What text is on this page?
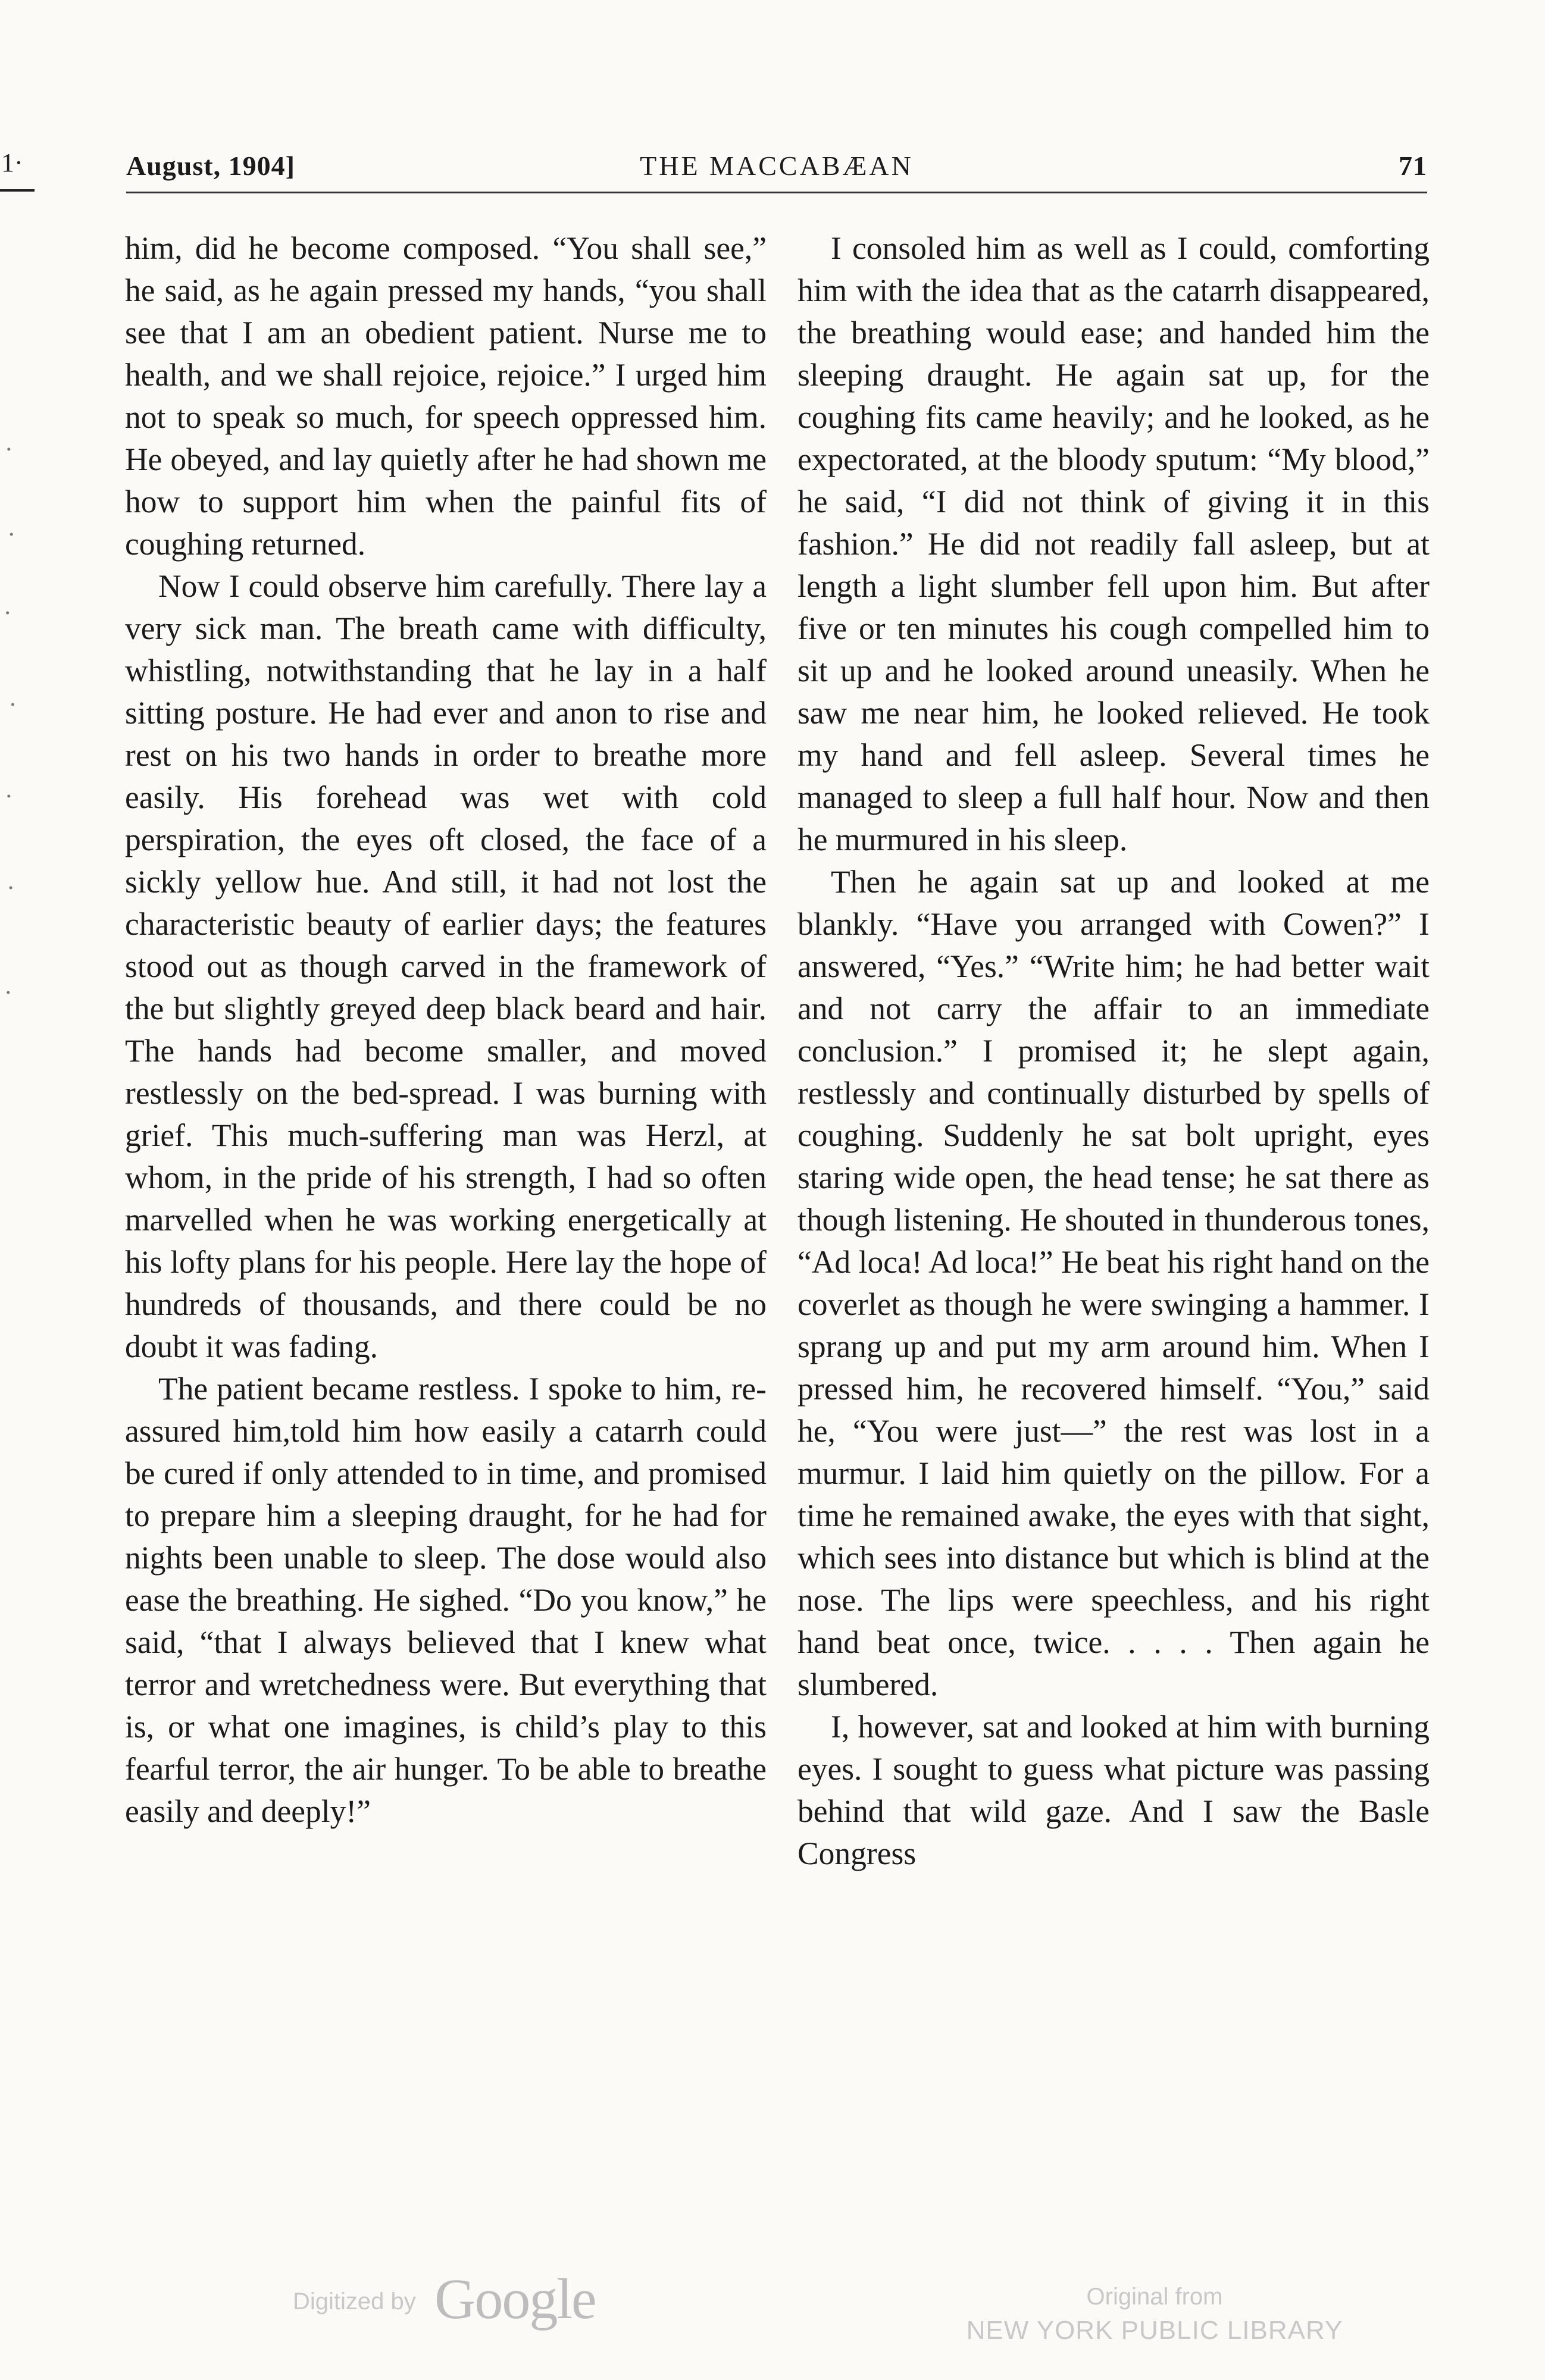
1·	August, 1904]	THE MACCABÆAN	71

him, did he become composed. “You shall see,” he said, as he again pressed my hands, “you shall see that I am an obedient patient. Nurse me to health, and we shall rejoice, rejoice.” I urged him not to speak so much, for speech oppressed him. He obeyed, and lay quietly after he had shown me how to support him when the painful fits of coughing returned.

Now I could observe him carefully. There lay a very sick man. The breath came with difficulty, whistling, notwithstanding that he lay in a half sitting posture. He had ever and anon to rise and rest on his two hands in order to breathe more easily. His forehead was wet with cold perspiration, the eyes oft closed, the face of a sickly yellow hue. And still, it had not lost the characteristic beauty of earlier days; the features stood out as though carved in the framework of the but slightly greyed deep black beard and hair. The hands had become smaller, and moved restlessly on the bed-spread. I was burning with grief. This much-suffering man was Herzl, at whom, in the pride of his strength, I had so often marvelled when he was working energetically at his lofty plans for his people. Here lay the hope of hundreds of thousands, and there could be no doubt it was fading.

The patient became restless. I spoke to him, re-assured him,told him how easily a catarrh could be cured if only attended to in time, and promised to prepare him a sleeping draught, for he had for nights been unable to sleep. The dose would also ease the breathing. He sighed. “Do you know,” he said, “that I always believed that I knew what terror and wretchedness were. But everything that is, or what one imagines, is child’s play to this fearful terror, the air hunger. To be able to breathe easily and deeply!”

I consoled him as well as I could, comforting him with the idea that as the catarrh disappeared, the breathing would ease; and handed him the sleeping draught. He again sat up, for the coughing fits came heavily; and he looked, as he expectorated, at the bloody sputum: “My blood,” he said, “I did not think of giving it in this fashion.” He did not readily fall asleep, but at length a light slumber fell upon him. But after five or ten minutes his cough compelled him to sit up and he looked around uneasily. When he saw me near him, he looked relieved. He took my hand and fell asleep. Several times he managed to sleep a full half hour. Now and then he murmured in his sleep.

Then he again sat up and looked at me blankly. “Have you arranged with Cowen?” I answered, “Yes.” “Write him; he had better wait and not carry the affair to an immediate conclusion.” I promised it; he slept again, restlessly and continually disturbed by spells of coughing. Suddenly he sat bolt upright, eyes staring wide open, the head tense; he sat there as though listening. He shouted in thunderous tones, “Ad loca! Ad loca!” He beat his right hand on the coverlet as though he were swinging a hammer. I sprang up and put my arm around him. When I pressed him, he recovered himself. “You,” said he, “You were just—” the rest was lost in a murmur. I laid him quietly on the pillow. For a time he remained awake, the eyes with that sight, which sees into distance but which is blind at the nose. The lips were speechless, and his right hand beat once, twice. . . . . Then again he slumbered.

I, however, sat and looked at him with burning eyes. I sought to guess what picture was passing behind that wild gaze. And I saw the Basle Congress

Digitized by Google	Original from
NEW YORK PUBLIC LIBRARY
